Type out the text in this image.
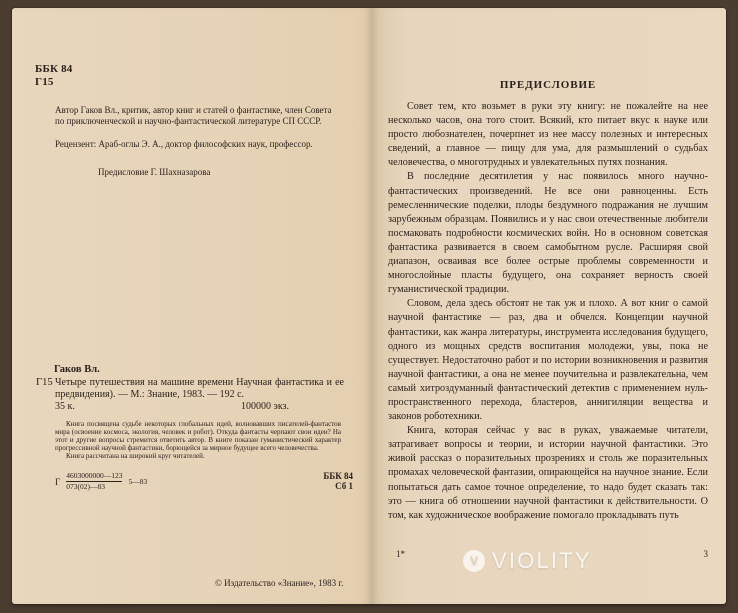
ББК 84
Г15
Автор Гаков Вл., критик, автор книг и статей о фантастике, член Совета по приключенческой и научно-фантастической литературе СП СССР.
Рецензент: Араб-оглы Э. А., доктор философских наук, профессор.
Предисловие Г. Шахназарова
Гаков Вл.
Г15 Четыре путешествия на машине времени Научная фантастика и ее предвидения). — М.: Знание, 1983. — 192 с.
35 к.	100000 экз.

Книга посвящена судьбе некоторых глобальных идей, волновавших писателей-фантастов мира (освоение космоса, экология, человек и робот). Откуда фантасты черпают свои идеи? На этот и другие вопросы стремится ответить автор. В книге показан гуманистический характер прогрессивной научной фантастики, борющейся за мирное будущее всего человечества.

Книга рассчитана на широкий круг читателей.

Г $\frac{4603000000—123}{073(02)—83}$ 5—83	ББК 84
Сб 1
© Издательство «Знание», 1983 г.
ПРЕДИСЛОВИЕ

Совет тем, кто возьмет в руки эту книгу: не пожалейте на нее несколько часов, она того стоит. Всякий, кто питает вкус к науке или просто любознателен, почерпнет из нее массу полезных и интересных сведений, а главное — пищу для ума, для размышлений о судьбах человечества, о многотрудных и увлекательных путях познания.

В последние десятилетия у нас появилось много научно-фантастических произведений. Не все они равноценны. Есть ремесленнические поделки, плоды бездумного подражания не лучшим зарубежным образцам. Появились и у нас свои отечественные любители посмаковать подробности космических войн. Но в основном советская фантастика развивается в своем самобытном русле. Расширяя свой диапазон, осваивая все более острые проблемы современности и многослойные пласты будущего, она сохраняет верность своей гуманистической традиции.

Словом, дела здесь обстоят не так уж и плохо. А вот книг о самой научной фантастике — раз, два и обчелся. Концепции научной фантастики, как жанра литературы, инструмента исследования будущего, одного из мощных средств воспитания молодежи, увы, пока не существует. Недостаточно работ и по истории возникновения и развития научной фантастики, а она не менее поучительна и развлекательна, чем самый хитроздуманный фантастический детектив с применением нуль-пространственного перехода, бластеров, аннигиляции вещества и законов роботехники.

Книга, которая сейчас у вас в руках, уважаемые читатели, затрагивает вопросы и теории, и истории научной фантастики. Это живой рассказ о поразительных прозрениях и столь же поразительных промахах человеческой фантазии, опирающейся на научное знание. Если попытаться дать самое точное определение, то надо будет сказать так: это — книга об отношении научной фантастики к действительности. О том, как художническое воображение помогало прокладывать путь

1*	3
V VIOLITY
